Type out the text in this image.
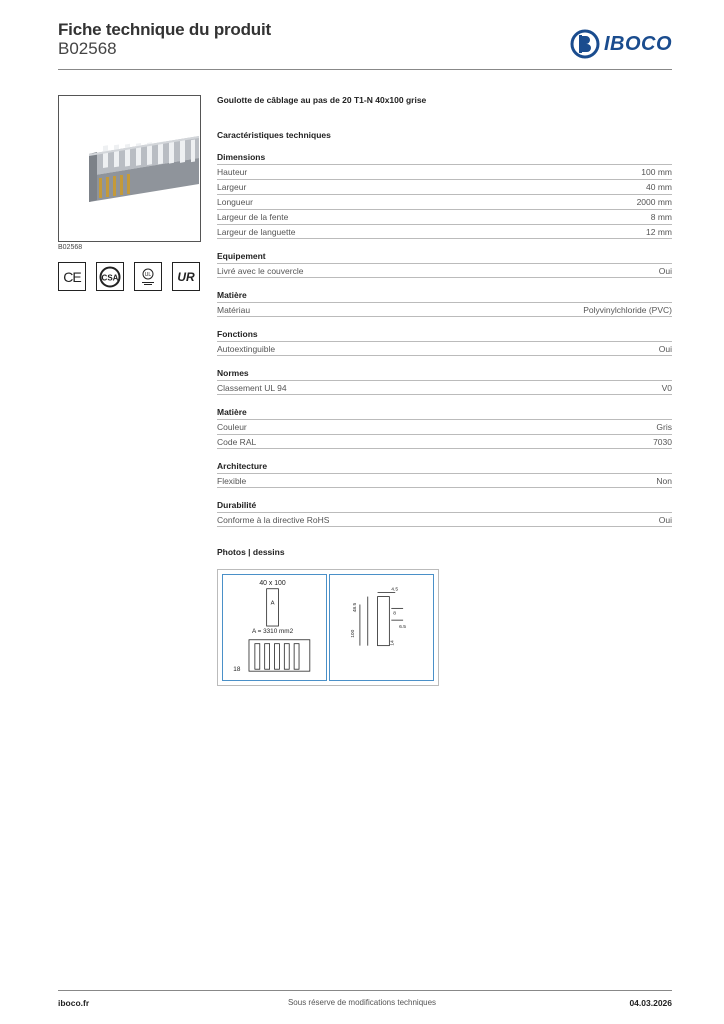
Fiche technique du produit
B02568	IBOCO
B02568
CE	CSA	UL UR
Goulotte de câblage au pas de 20 T1-N 40x100 grise
Caractéristiques techniques
Dimensions
Hauteur	100 mm
Largeur	40 mm
Longueur	2000 mm
Largeur de la fente	8 mm
Largeur de languette	12 mm
Equipement
Livré avec le couvercle	Oui
Matière
Matériau	Polyvinylchloride (PVC)
Fonctions
Autoextinguible	Oui
Normes
Classement UL 94	V0
Matière
Couleur	Gris
Code RAL	7030
Architecture
Flexible	Non
Durabilité
Conforme à la directive RoHS	Oui
Photos | dessins
40 x 100
A
A = 3310 mm2
18
4.5
48.5
8
6.5
100
14
iboco.fr	Sous réserve de modifications techniques	04.03.2026
